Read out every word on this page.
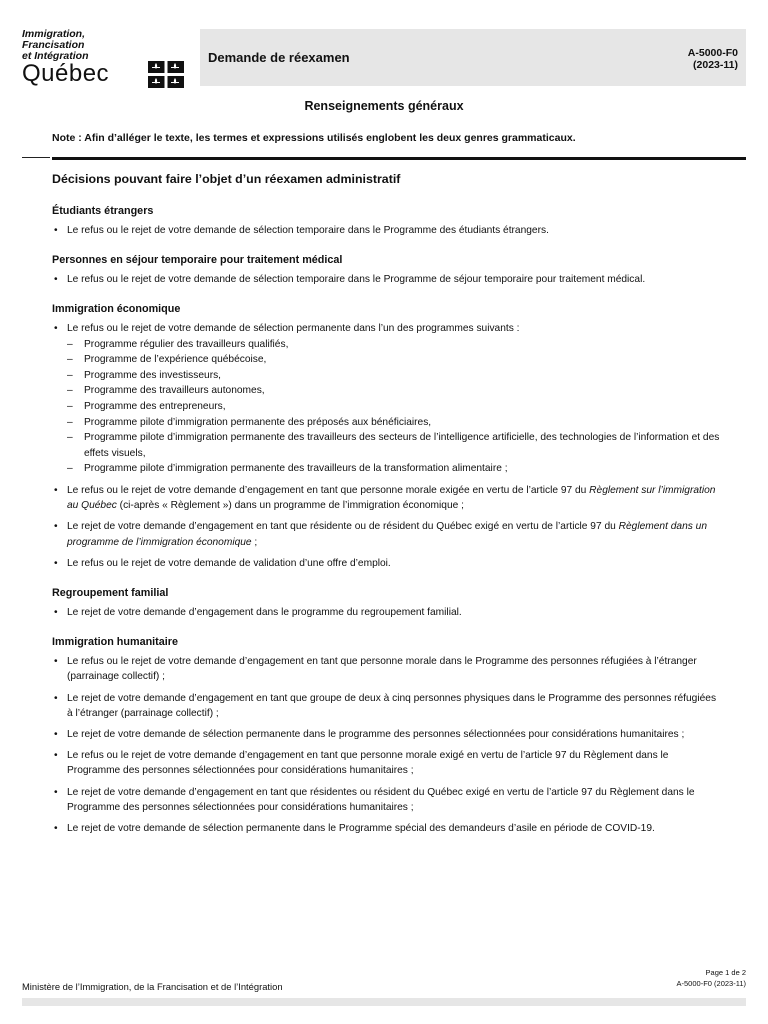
Immigration,

Francisation

et Intégration

Québec
Demande de réexamen	A-5000-F0
(2023-11)
Renseignements généraux
Note : Afin d’alléger le texte, les termes et expressions utilisés englobent les deux genres grammaticaux.
Décisions pouvant faire l’objet d’un réexamen administratif
Étudiants étrangers
• Le refus ou le rejet de votre demande de sélection temporaire dans le Programme des étudiants étrangers.
Personnes en séjour temporaire pour traitement médical
• Le refus ou le rejet de votre demande de sélection temporaire dans le Programme de séjour temporaire pour traitement médical.
Immigration économique
• Le refus ou le rejet de votre demande de sélection permanente dans l’un des programmes suivants :
– Programme régulier des travailleurs qualifiés,
– Programme de l’expérience québécoise,
– Programme des investisseurs,
– Programme des travailleurs autonomes,
– Programme des entrepreneurs,
– Programme pilote d’immigration permanente des préposés aux bénéficiaires,
– Programme pilote d’immigration permanente des travailleurs des secteurs de l’intelligence artificielle, des technologies de l’information et des effets visuels,
– Programme pilote d’immigration permanente des travailleurs de la transformation alimentaire ;
• Le refus ou le rejet de votre demande d’engagement en tant que personne morale exigée en vertu de l’article 97 du Règlement sur l’immigration au Québec (ci-après « Règlement ») dans un programme de l’immigration économique ;
• Le rejet de votre demande d’engagement en tant que résidente ou de résident du Québec exigé en vertu de l’article 97 du Règlement dans un programme de l’immigration économique ;
• Le refus ou le rejet de votre demande de validation d’une offre d’emploi.
Regroupement familial
• Le rejet de votre demande d’engagement dans le programme du regroupement familial.
Immigration humanitaire
• Le refus ou le rejet de votre demande d’engagement en tant que personne morale dans le Programme des personnes réfugiées à l’étranger (parrainage collectif) ;
• Le rejet de votre demande d’engagement en tant que groupe de deux à cinq personnes physiques dans le Programme des personnes réfugiées à l’étranger (parrainage collectif) ;
• Le rejet de votre demande de sélection permanente dans le programme des personnes sélectionnées pour considérations humanitaires ;
• Le refus ou le rejet de votre demande d’engagement en tant que personne morale exigé en vertu de l’article 97 du Règlement dans le Programme des personnes sélectionnées pour considérations humanitaires ;
• Le rejet de votre demande d’engagement en tant que résidentes ou résident du Québec exigé en vertu de l’article 97 du Règlement dans le Programme des personnes sélectionnées pour considérations humanitaires ;
• Le rejet de votre demande de sélection permanente dans le Programme spécial des demandeurs d’asile en période de COVID-19.
Ministère de l’Immigration, de la Francisation et de l’Intégration
Page 1 de 2
A-5000-F0 (2023-11)
